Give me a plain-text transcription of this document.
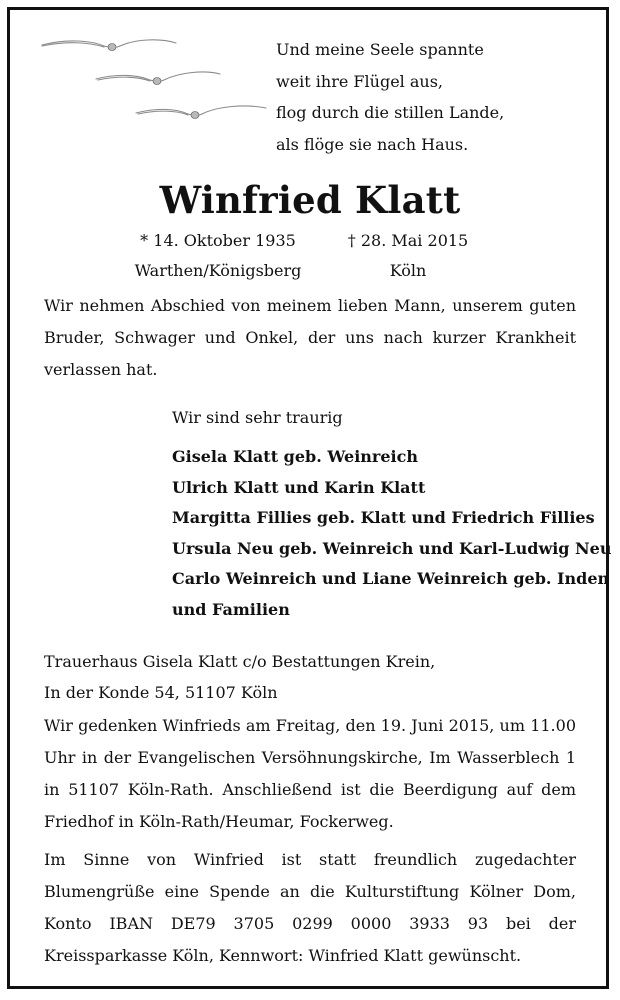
Und meine Seele spannte
weit ihre Flügel aus,
flog durch die stillen Lande,
als flöge sie nach Haus.
Winfried Klatt
* 14. Oktober 1935
Warthen/Königsberg
† 28. Mai 2015
Köln
Wir nehmen Abschied von meinem lieben Mann, unserem guten Bruder, Schwager und Onkel, der uns nach kurzer Krankheit verlassen hat.
Wir sind sehr traurig
Gisela Klatt geb. Weinreich
Ulrich Klatt und Karin Klatt
Margitta Fillies geb. Klatt und Friedrich Fillies
Ursula Neu geb. Weinreich und Karl-Ludwig Neu
Carlo Weinreich und Liane Weinreich geb. Inden
und Familien
Trauerhaus Gisela Klatt c/o Bestattungen Krein,
In der Konde 54, 51107 Köln
Wir gedenken Winfrieds am Freitag, den 19. Juni 2015, um 11.00 Uhr in der Evangelischen Versöhnungskirche, Im Wasserblech 1 in 51107 Köln-Rath. Anschließend ist die Beerdigung auf dem Friedhof in Köln-Rath/Heumar, Fockerweg.
Im Sinne von Winfried ist statt freundlich zugedachter Blumengrüße eine Spende an die Kulturstiftung Kölner Dom, Konto IBAN DE79 3705 0299 0000 3933 93 bei der Kreissparkasse Köln, Kennwort: Winfried Klatt gewünscht.
